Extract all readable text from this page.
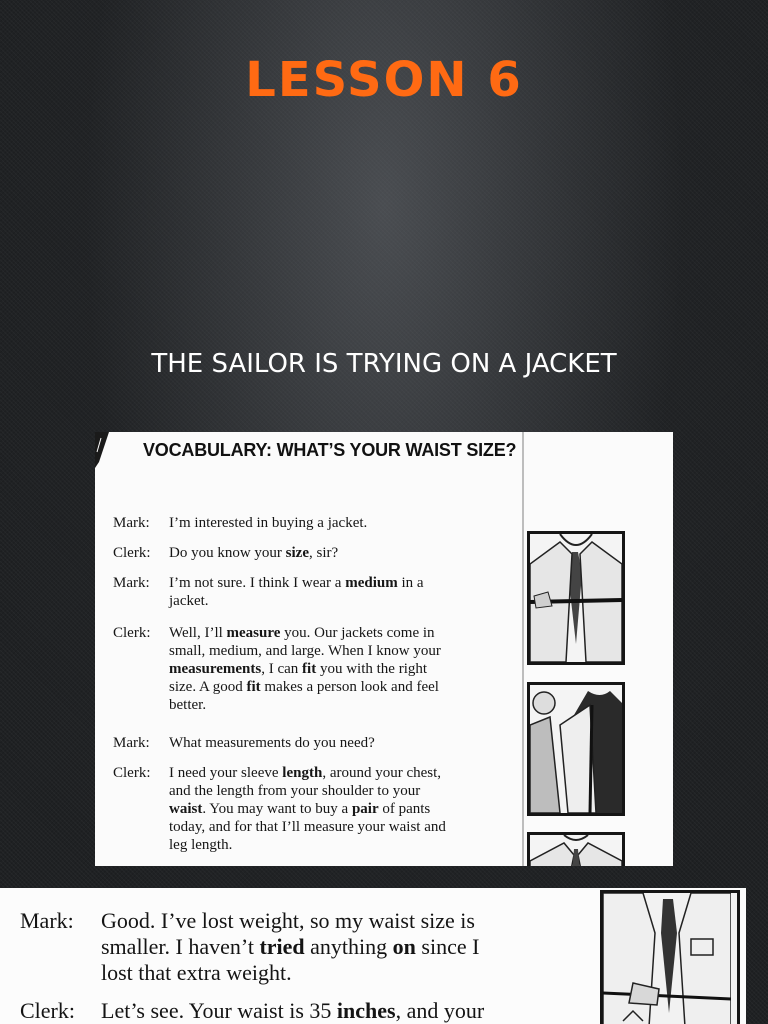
LESSON 6
THE SAILOR IS TRYING ON A JACKET
VOCABULARY: WHAT’S YOUR WAIST SIZE?
Mark:	I’m interested in buying a jacket.
Clerk:	Do you know your size, sir?
Mark:	I’m not sure. I think I wear a medium in a
jacket.
Clerk:	Well, I’ll measure you. Our jackets come in
small, medium, and large. When I know your
measurements, I can fit you with the right
size. A good fit makes a person look and feel
better.
Mark:	What measurements do you need?
Clerk:	I need your sleeve length, around your chest,
and the length from your shoulder to your
waist. You may want to buy a pair of pants
today, and for that I’ll measure your waist and
leg length.
Mark:	Good. I’ve lost weight, so my waist size is
smaller. I haven’t tried anything on since I
lost that extra weight.
Clerk:	Let’s see. Your waist is 35 inches, and your
